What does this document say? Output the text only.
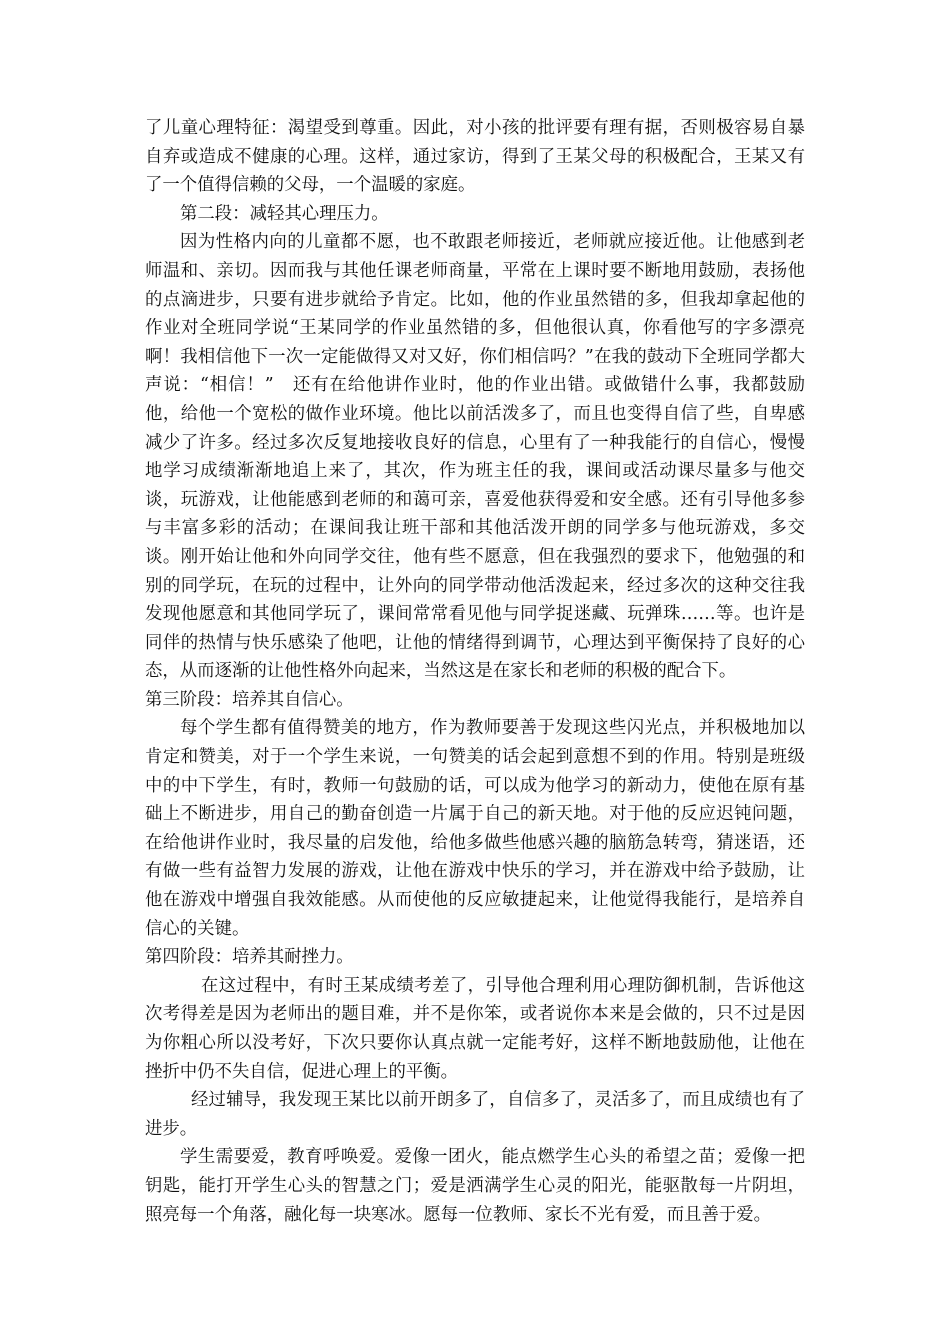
了儿童心理特征：渴望受到尊重。因此，对小孩的批评要有理有据，否则极容易自暴自弃或造成不健康的心理。这样，通过家访，得到了王某父母的积极配合，王某又有了一个值得信赖的父母，一个温暖的家庭。

第二段：减轻其心理压力。

因为性格内向的儿童都不愿，也不敢跟老师接近，老师就应接近他。让他感到老师温和、亲切。因而我与其他任课老师商量，平常在上课时要不断地用鼓励，表扬他的点滴进步，只要有进步就给予肯定。比如，他的作业虽然错的多，但我却拿起他的作业对全班同学说“王某同学的作业虽然错的多，但他很认真，你看他写的字多漂亮啊！我相信他下一次一定能做得又对又好，你们相信吗？”在我的鼓动下全班同学都大声说：“相信！”　还有在给他讲作业时，他的作业出错。或做错什么事，我都鼓励他，给他一个宽松的做作业环境。他比以前活泼多了，而且也变得自信了些，自卑感减少了许多。经过多次反复地接收良好的信息，心里有了一种我能行的自信心，慢慢地学习成绩渐渐地追上来了，其次，作为班主任的我，课间或活动课尽量多与他交谈，玩游戏，让他能感到老师的和蔼可亲，喜爱他获得爱和安全感。还有引导他多参与丰富多彩的活动；在课间我让班干部和其他活泼开朗的同学多与他玩游戏，多交谈。刚开始让他和外向同学交往，他有些不愿意，但在我强烈的要求下，他勉强的和别的同学玩，在玩的过程中，让外向的同学带动他活泼起来，经过多次的这种交往我发现他愿意和其他同学玩了，课间常常看见他与同学捉迷藏、玩弹珠……等。也许是同伴的热情与快乐感染了他吧，让他的情绪得到调节，心理达到平衡保持了良好的心态，从而逐渐的让他性格外向起来，当然这是在家长和老师的积极的配合下。

第三阶段：培养其自信心。

每个学生都有值得赞美的地方，作为教师要善于发现这些闪光点，并积极地加以肯定和赞美，对于一个学生来说，一句赞美的话会起到意想不到的作用。特别是班级中的中下学生，有时，教师一句鼓励的话，可以成为他学习的新动力，使他在原有基础上不断进步，用自己的勤奋创造一片属于自己的新天地。对于他的反应迟钝问题，在给他讲作业时，我尽量的启发他，给他多做些他感兴趣的脑筋急转弯，猜迷语，还有做一些有益智力发展的游戏，让他在游戏中快乐的学习，并在游戏中给予鼓励，让他在游戏中增强自我效能感。从而使他的反应敏捷起来，让他觉得我能行，是培养自信心的关键。

第四阶段：培养其耐挫力。

在这过程中，有时王某成绩考差了，引导他合理利用心理防御机制，告诉他这次考得差是因为老师出的题目难，并不是你笨，或者说你本来是会做的，只不过是因为你粗心所以没考好，下次只要你认真点就一定能考好，这样不断地鼓励他，让他在挫折中仍不失自信，促进心理上的平衡。

经过辅导，我发现王某比以前开朗多了，自信多了，灵活多了，而且成绩也有了进步。

学生需要爱，教育呼唤爱。爱像一团火，能点燃学生心头的希望之苗；爱像一把钥匙，能打开学生心头的智慧之门；爱是洒满学生心灵的阳光，能驱散每一片阴坦，照亮每一个角落，融化每一块寒冰。愿每一位教师、家长不光有爱，而且善于爱。
